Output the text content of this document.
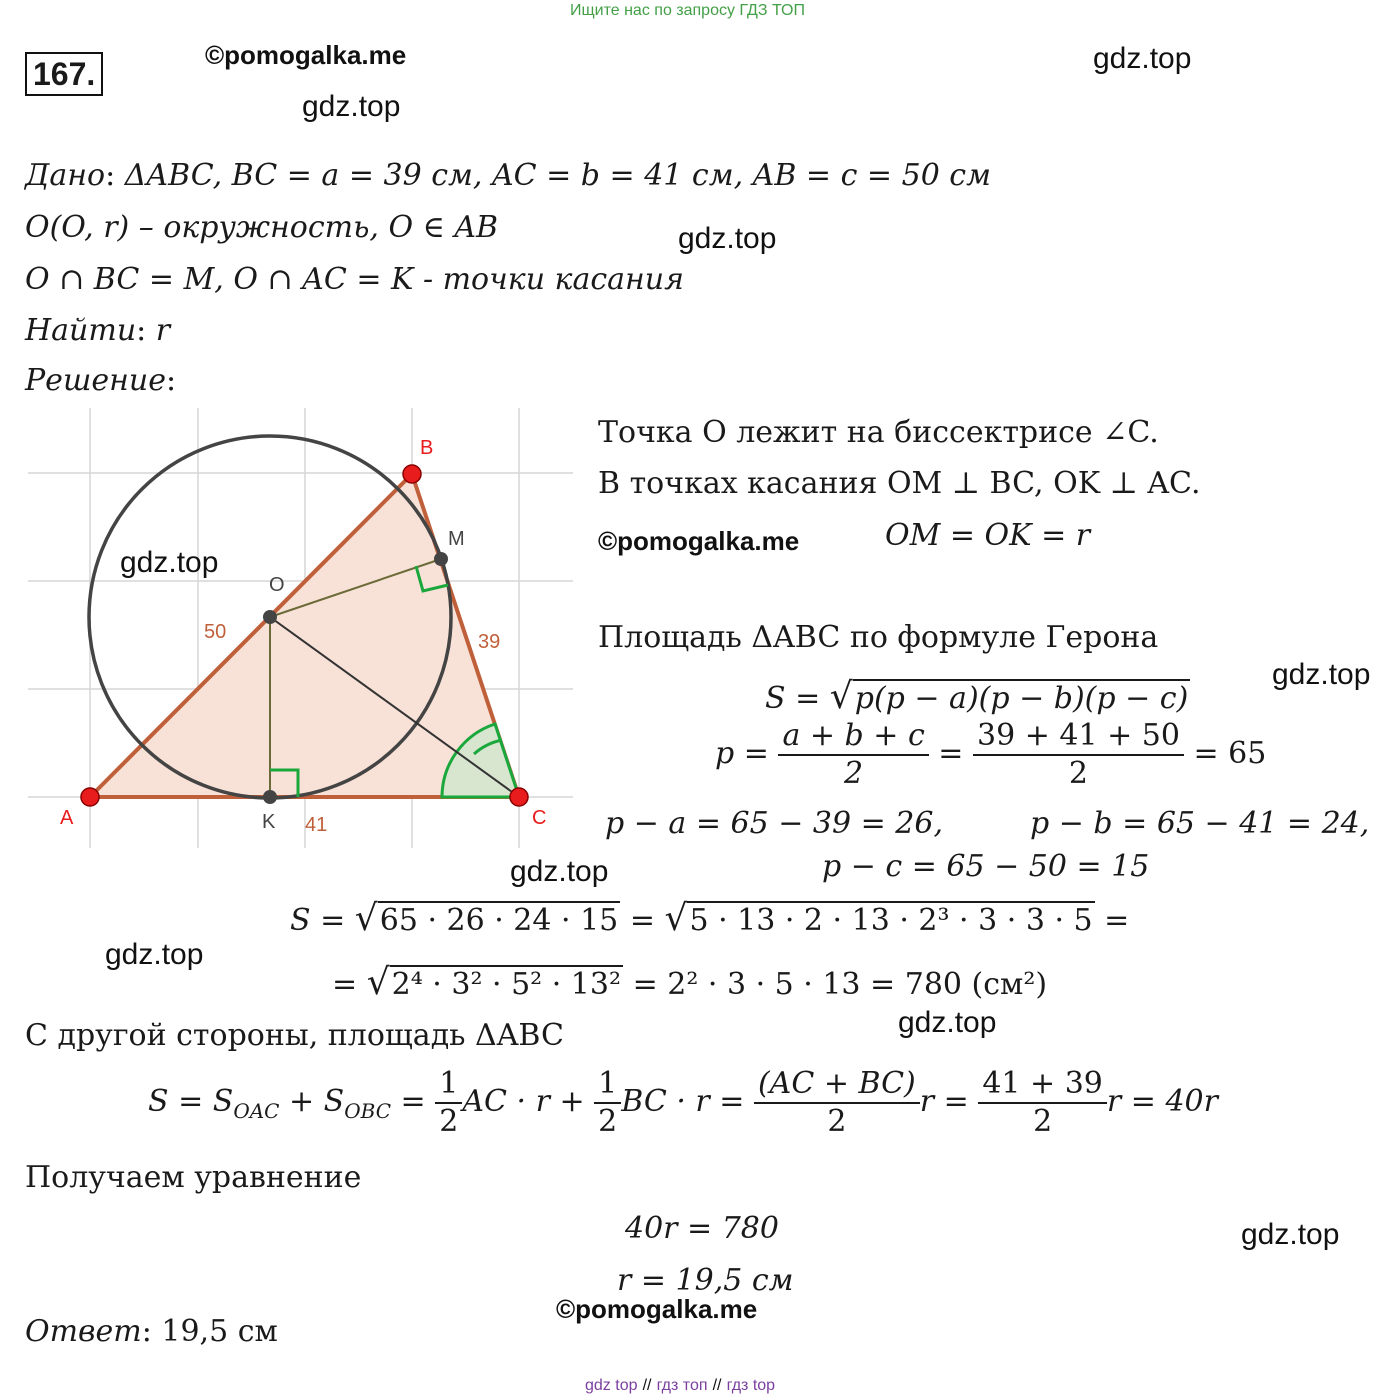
Ищите нас по запросу ГДЗ ТОП
167.
©pomogalka.me	gdz.top
gdz.top
gdz.top
gdz.top
gdz.top
gdz.top
gdz.top
gdz.top
Дано: ΔABC, BC = a = 39 см, AC = b = 41 см, AB = c = 50 см
O(O, r) – окружность, O ∈ AB
O ∩ BC = M, O ∩ AC = K - точки касания
Найти: r
Решение:
A
B
C
O
M
K
50	39
41
gdz.top
Точка O лежит на биссектрисе ∠C.
В точках касания OM ⊥ BC, OK ⊥ AC.
©pomogalka.me	OM = OK = r
Площадь ΔABC по формуле Герона
S = √p(p − a)(p − b)(p − c)
$p = \frac{a + b + c}{2} = \frac{39 + 41 + 50}{2} = 65$
p − a = 65 − 39 = 26,	p − b = 65 − 41 = 24,
p − c = 65 − 50 = 15
S = √65 · 26 · 24 · 15 = √5 · 13 · 2 · 13 · 2³ · 3 · 3 · 5 =
= √2⁴ · 3² · 5² · 13² = 2² · 3 · 5 · 13 = 780 (см²)
С другой стороны, площадь ΔABC
$S = S_{OAC} + S_{OBC} = \frac{1}{2}$ AC · $r + \frac{1}{2}$ BC · $r = \frac{(AC + BC)}{2}$ $r = \frac{41 + 39}{2}$ r = 40r
Получаем уравнение
40r = 780
r = 19,5 см
©pomogalka.me
Ответ: 19,5 см
gdz top // гдз топ // гдз top
